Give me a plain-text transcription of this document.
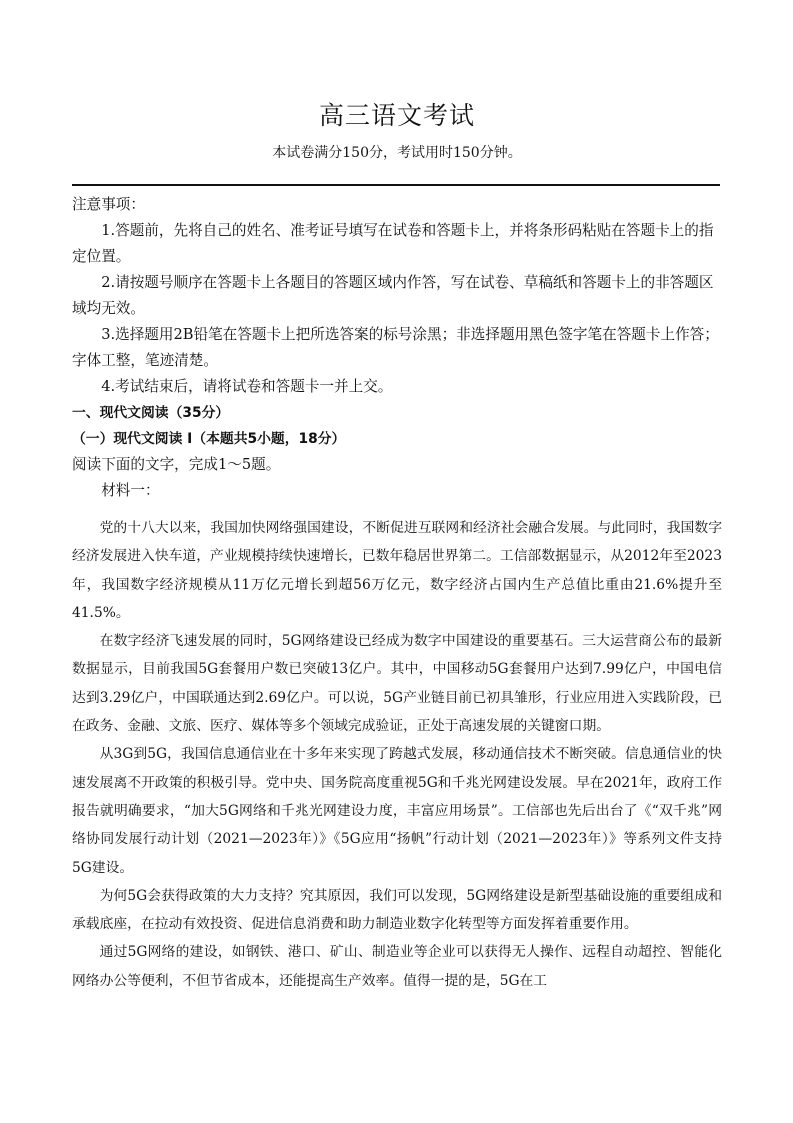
高三语文考试
本试卷满分150分，考试用时150分钟。

注意事项：

1.答题前，先将自己的姓名、准考证号填写在试卷和答题卡上，并将条形码粘贴在答题卡上的指定位置。

2.请按题号顺序在答题卡上各题目的答题区域内作答，写在试卷、草稿纸和答题卡上的非答题区域均无效。

3.选择题用2B铅笔在答题卡上把所选答案的标号涂黑；非选择题用黑色签字笔在答题卡上作答；字体工整，笔迹清楚。

4.考试结束后，请将试卷和答题卡一并上交。

一、现代文阅读（35分）

（一）现代文阅读 I（本题共5小题，18分）

阅读下面的文字，完成1～5题。

材料一：

党的十八大以来，我国加快网络强国建设，不断促进互联网和经济社会融合发展。与此同时，我国数字经济发展进入快车道，产业规模持续快速增长，已数年稳居世界第二。工信部数据显示，从2012年至2023年，我国数字经济规模从11万亿元增长到超56万亿元，数字经济占国内生产总值比重由21.6%提升至41.5%。

在数字经济飞速发展的同时，5G网络建设已经成为数字中国建设的重要基石。三大运营商公布的最新数据显示，目前我国5G套餐用户数已突破13亿户。其中，中国移动5G套餐用户达到7.99亿户，中国电信达到3.29亿户，中国联通达到2.69亿户。可以说，5G产业链目前已初具雏形，行业应用进入实践阶段，已在政务、金融、文旅、医疗、媒体等多个领域完成验证，正处于高速发展的关键窗口期。

从3G到5G，我国信息通信业在十多年来实现了跨越式发展，移动通信技术不断突破。信息通信业的快速发展离不开政策的积极引导。党中央、国务院高度重视5G和千兆光网建设发展。早在2021年，政府工作报告就明确要求，“加大5G网络和千兆光网建设力度，丰富应用场景”。工信部也先后出台了《“双千兆”网络协同发展行动计划（2021—2023年）》《5G应用“扬帆”行动计划（2021—2023年）》等系列文件支持5G建设。

为何5G会获得政策的大力支持？究其原因，我们可以发现，5G网络建设是新型基础设施的重要组成和承载底座，在拉动有效投资、促进信息消费和助力制造业数字化转型等方面发挥着重要作用。

通过5G网络的建设，如钢铁、港口、矿山、制造业等企业可以获得无人操作、远程自动超控、智能化网络办公等便利，不但节省成本，还能提高生产效率。值得一提的是，5G在工
